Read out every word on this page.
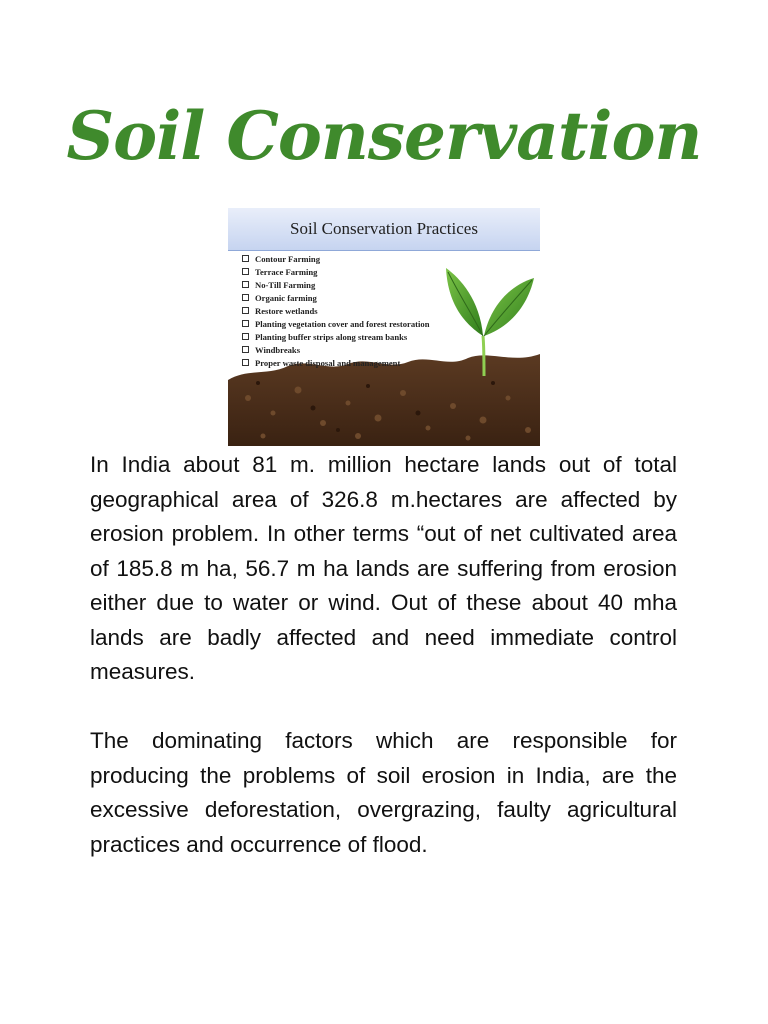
Soil Conservation
Soil Conservation Practices
Contour Farming
Terrace Farming
No-Till Farming
Organic farming
Restore wetlands
Planting vegetation cover and forest restoration
Planting buffer strips along stream banks
Windbreaks
Proper waste disposal and management

In India about 81 m. million hectare lands out of total geographical area of 326.8 m.hectares are affected by erosion problem. In other terms “out of net cultivated area of 185.8 m ha, 56.7 m ha lands are suffering from erosion either due to water or wind. Out of these about 40 mha lands are badly affected and need immediate control measures.

The dominating factors which are responsible for producing the problems of soil erosion in India, are the excessive deforestation, overgrazing, faulty agricultural practices and occurrence of flood.
